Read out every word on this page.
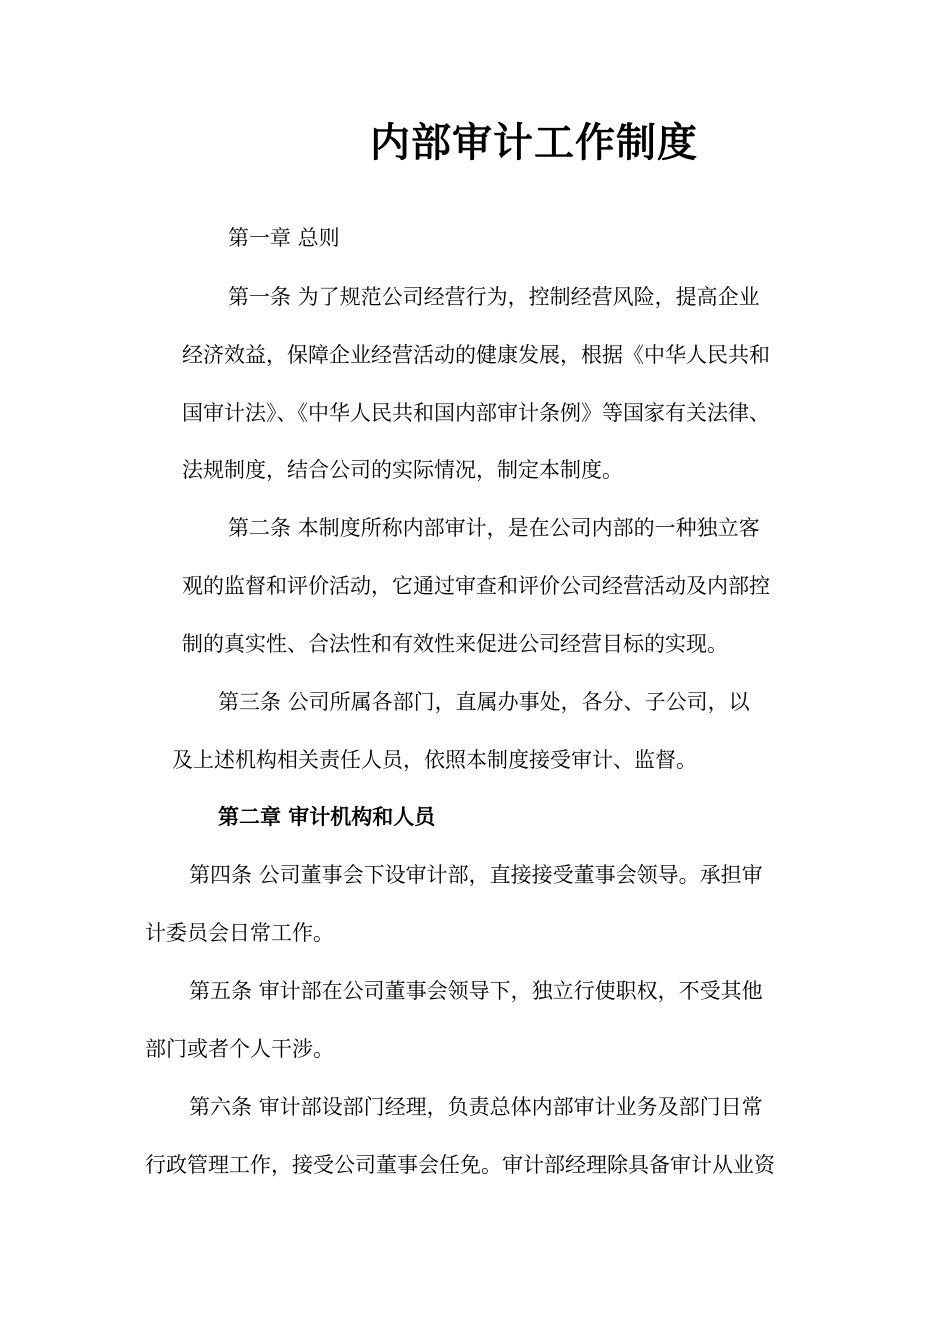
内部审计工作制度
第一章 总则
第一条 为了规范公司经营行为，控制经营风险，提高企业
经济效益，保障企业经营活动的健康发展，根据《中华人民共和
国审计法》、《中华人民共和国内部审计条例》等国家有关法律、
法规制度，结合公司的实际情况，制定本制度。
第二条 本制度所称内部审计，是在公司内部的一种独立客
观的监督和评价活动，它通过审查和评价公司经营活动及内部控
制的真实性、合法性和有效性来促进公司经营目标的实现。
第三条 公司所属各部门，直属办事处，各分、子公司，以
及上述机构相关责任人员，依照本制度接受审计、监督。
第二章 审计机构和人员
第四条 公司董事会下设审计部，直接接受董事会领导。承担审
计委员会日常工作。
第五条 审计部在公司董事会领导下，独立行使职权，不受其他
部门或者个人干涉。
第六条 审计部设部门经理，负责总体内部审计业务及部门日常
行政管理工作，接受公司董事会任免。审计部经理除具备审计从业资
